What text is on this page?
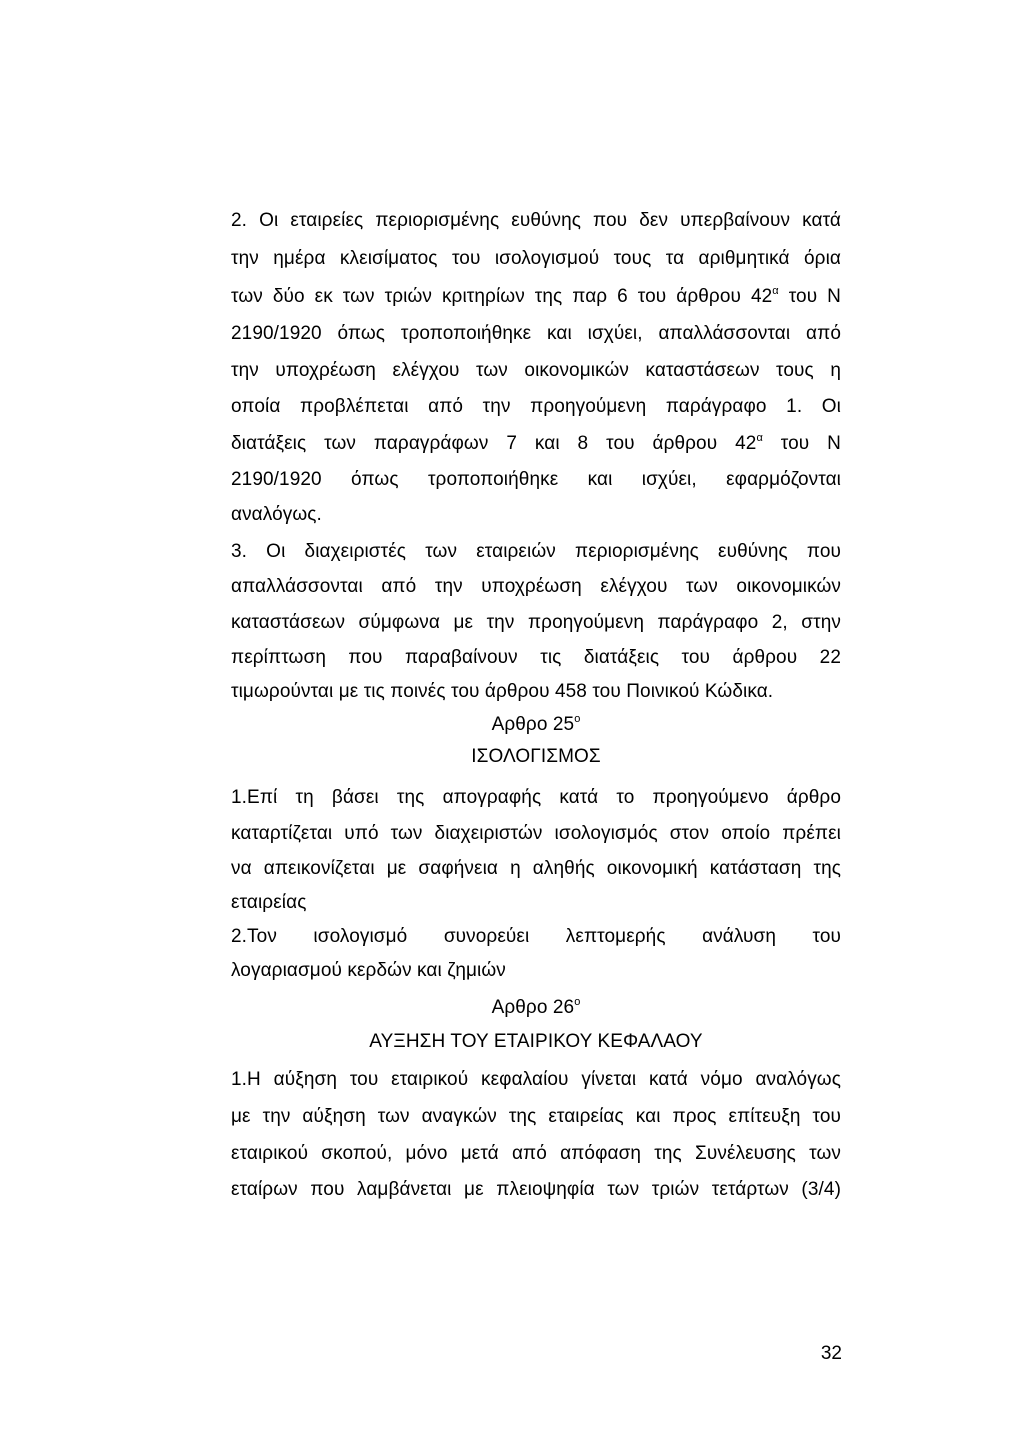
2. Οι εταιρείες περιορισμένης ευθύνης που δεν υπερβαίνουν κατά
την ημέρα κλεισίματος του ισολογισμού τους τα αριθμητικά όρια
των δύο εκ των τριών κριτηρίων της παρ 6 του άρθρου $42^\alpha$ του Ν
2190/1920 όπως τροποποιήθηκε και ισχύει, απαλλάσσονται από
την υποχρέωση ελέγχου των οικονομικών καταστάσεων τους η
οποία προβλέπεται από την προηγούμενη παράγραφο 1. Οι
διατάξεις των παραγράφων 7 και 8 του άρθρου $42^\alpha$ του Ν
2190/1920 όπως τροποποιήθηκε και ισχύει, εφαρμόζονται
αναλόγως.
3. Οι διαχειριστές των εταιρειών περιορισμένης ευθύνης που
απαλλάσσονται από την υποχρέωση ελέγχου των οικονομικών
καταστάσεων σύμφωνα με την προηγούμενη παράγραφο 2, στην
περίπτωση που παραβαίνουν τις διατάξεις του άρθρου 22
τιμωρούνται με τις ποινές του άρθρου 458 του Ποινικού Κώδικα.
Αρθρο $25^o$
ΙΣΟΛΟΓΙΣΜΟΣ
1.Επί τη βάσει της απογραφής κατά το προηγούμενο άρθρο
καταρτίζεται υπό των διαχειριστών ισολογισμός στον οποίο πρέπει
να απεικονίζεται με σαφήνεια η αληθής οικονομική κατάσταση της
εταιρείας
2.Τον ισολογισμό συνορεύει λεπτομερής ανάλυση του
λογαριασμού κερδών και ζημιών
Αρθρο $26^o$
ΑΥΞΗΣΗ ΤΟΥ ΕΤΑΙΡΙΚΟΥ ΚΕΦΑΛΑΟΥ
1.Η αύξηση του εταιρικού κεφαλαίου γίνεται κατά νόμο αναλόγως
με την αύξηση των αναγκών της εταιρείας και προς επίτευξη του
εταιρικού σκοπού, μόνο μετά από απόφαση της Συνέλευσης των
εταίρων που λαμβάνεται με πλειοψηφία των τριών τετάρτων (3/4)
32
